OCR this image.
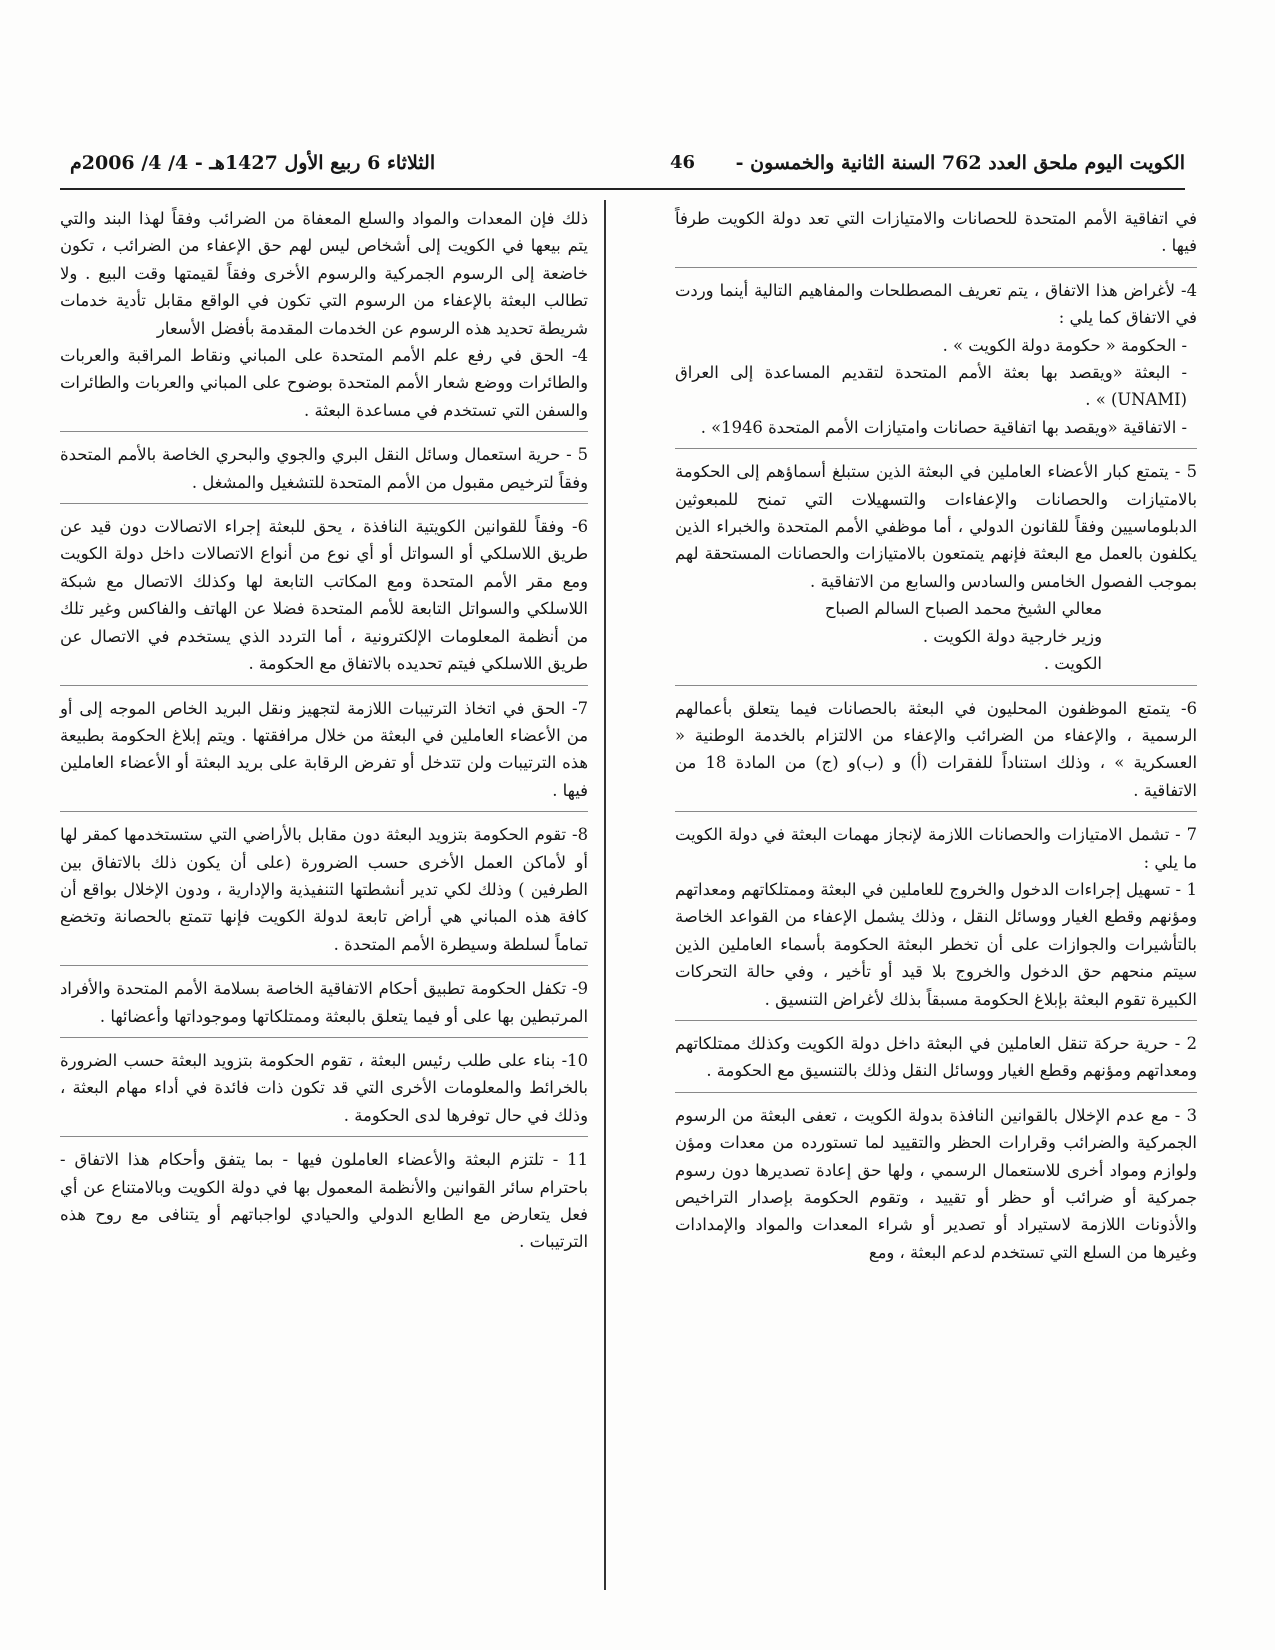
الكويت اليوم ملحق العدد 762 السنة الثانية والخمسون -
46
الثلاثاء 6 ربيع الأول 1427هـ - 4/ 4/ 2006م

في اتفاقية الأمم المتحدة للحصانات والامتيازات التي تعد دولة الكويت طرفاً فيها .

4- لأغراض هذا الاتفاق ، يتم تعريف المصطلحات والمفاهيم التالية أينما وردت في الاتفاق كما يلي :

- الحكومة « حكومة دولة الكويت » .

- البعثة «ويقصد بها بعثة الأمم المتحدة لتقديم المساعدة إلى العراق (UNAMI) » .

- الاتفاقية «ويقصد بها اتفاقية حصانات وامتيازات الأمم المتحدة 1946» .

5 - يتمتع كبار الأعضاء العاملين في البعثة الذين ستبلغ أسماؤهم إلى الحكومة بالامتيازات والحصانات والإعفاءات والتسهيلات التي تمنح للمبعوثين الدبلوماسيين وفقاً للقانون الدولي ، أما موظفي الأمم المتحدة والخبراء الذين يكلفون بالعمل مع البعثة فإنهم يتمتعون بالامتيازات والحصانات المستحقة لهم بموجب الفصول الخامس والسادس والسابع من الاتفاقية .

معالي الشيخ محمد الصباح السالم الصباح

وزير خارجية دولة الكويت .

الكويت .

6- يتمتع الموظفون المحليون في البعثة بالحصانات فيما يتعلق بأعمالهم الرسمية ، والإعفاء من الضرائب والإعفاء من الالتزام بالخدمة الوطنية « العسكرية » ، وذلك استناداً للفقرات (أ) و (ب)و (ج) من المادة 18 من الاتفاقية .

7 - تشمل الامتيازات والحصانات اللازمة لإنجاز مهمات البعثة في دولة الكويت ما يلي :

1 - تسهيل إجراءات الدخول والخروج للعاملين في البعثة وممتلكاتهم ومعداتهم ومؤنهم وقطع الغيار ووسائل النقل ، وذلك يشمل الإعفاء من القواعد الخاصة بالتأشيرات والجوازات على أن تخطر البعثة الحكومة بأسماء العاملين الذين سيتم منحهم حق الدخول والخروج بلا قيد أو تأخير ، وفي حالة التحركات الكبيرة تقوم البعثة بإبلاغ الحكومة مسبقاً بذلك لأغراض التنسيق .

2 - حرية حركة تنقل العاملين في البعثة داخل دولة الكويت وكذلك ممتلكاتهم ومعداتهم ومؤنهم وقطع الغيار ووسائل النقل وذلك بالتنسيق مع الحكومة .

3 - مع عدم الإخلال بالقوانين النافذة بدولة الكويت ، تعفى البعثة من الرسوم الجمركية والضرائب وقرارات الحظر والتقييد لما تستورده من معدات ومؤن ولوازم ومواد أخرى للاستعمال الرسمي ، ولها حق إعادة تصديرها دون رسوم جمركية أو ضرائب أو حظر أو تقييد ، وتقوم الحكومة بإصدار التراخيص والأذونات اللازمة لاستيراد أو تصدير أو شراء المعدات والمواد والإمدادات وغيرها من السلع التي تستخدم لدعم البعثة ، ومع

ذلك فإن المعدات والمواد والسلع المعفاة من الضرائب وفقاً لهذا البند والتي يتم بيعها في الكويت إلى أشخاص ليس لهم حق الإعفاء من الضرائب ، تكون خاضعة إلى الرسوم الجمركية والرسوم الأخرى وفقاً لقيمتها وقت البيع . ولا تطالب البعثة بالإعفاء من الرسوم التي تكون في الواقع مقابل تأدية خدمات شريطة تحديد هذه الرسوم عن الخدمات المقدمة بأفضل الأسعار

4- الحق في رفع علم الأمم المتحدة على المباني ونقاط المراقبة والعربات والطائرات ووضع شعار الأمم المتحدة بوضوح على المباني والعربات والطائرات والسفن التي تستخدم في مساعدة البعثة .

5 - حرية استعمال وسائل النقل البري والجوي والبحري الخاصة بالأمم المتحدة وفقاً لترخيص مقبول من الأمم المتحدة للتشغيل والمشغل .

6- وفقاً للقوانين الكويتية النافذة ، يحق للبعثة إجراء الاتصالات دون قيد عن طريق اللاسلكي أو السواتل أو أي نوع من أنواع الاتصالات داخل دولة الكويت ومع مقر الأمم المتحدة ومع المكاتب التابعة لها وكذلك الاتصال مع شبكة اللاسلكي والسواتل التابعة للأمم المتحدة فضلا عن الهاتف والفاكس وغير تلك من أنظمة المعلومات الإلكترونية ، أما التردد الذي يستخدم في الاتصال عن طريق اللاسلكي فيتم تحديده بالاتفاق مع الحكومة .

7- الحق في اتخاذ الترتيبات اللازمة لتجهيز ونقل البريد الخاص الموجه إلى أو من الأعضاء العاملين في البعثة من خلال مرافقتها . ويتم إبلاغ الحكومة بطبيعة هذه الترتيبات ولن تتدخل أو تفرض الرقابة على بريد البعثة أو الأعضاء العاملين فيها .

8- تقوم الحكومة بتزويد البعثة دون مقابل بالأراضي التي ستستخدمها كمقر لها أو لأماكن العمل الأخرى حسب الضرورة (على أن يكون ذلك بالاتفاق بين الطرفين ) وذلك لكي تدير أنشطتها التنفيذية والإدارية ، ودون الإخلال بواقع أن كافة هذه المباني هي أراض تابعة لدولة الكويت فإنها تتمتع بالحصانة وتخضع تماماً لسلطة وسيطرة الأمم المتحدة .

9- تكفل الحكومة تطبيق أحكام الاتفاقية الخاصة بسلامة الأمم المتحدة والأفراد المرتبطين بها على أو فيما يتعلق بالبعثة وممتلكاتها وموجوداتها وأعضائها .

10- بناء على طلب رئيس البعثة ، تقوم الحكومة بتزويد البعثة حسب الضرورة بالخرائط والمعلومات الأخرى التي قد تكون ذات فائدة في أداء مهام البعثة ، وذلك في حال توفرها لدى الحكومة .

11 - تلتزم البعثة والأعضاء العاملون فيها - بما يتفق وأحكام هذا الاتفاق - باحترام سائر القوانين والأنظمة المعمول بها في دولة الكويت وبالامتناع عن أي فعل يتعارض مع الطابع الدولي والحيادي لواجباتهم أو يتنافى مع روح هذه الترتيبات .
